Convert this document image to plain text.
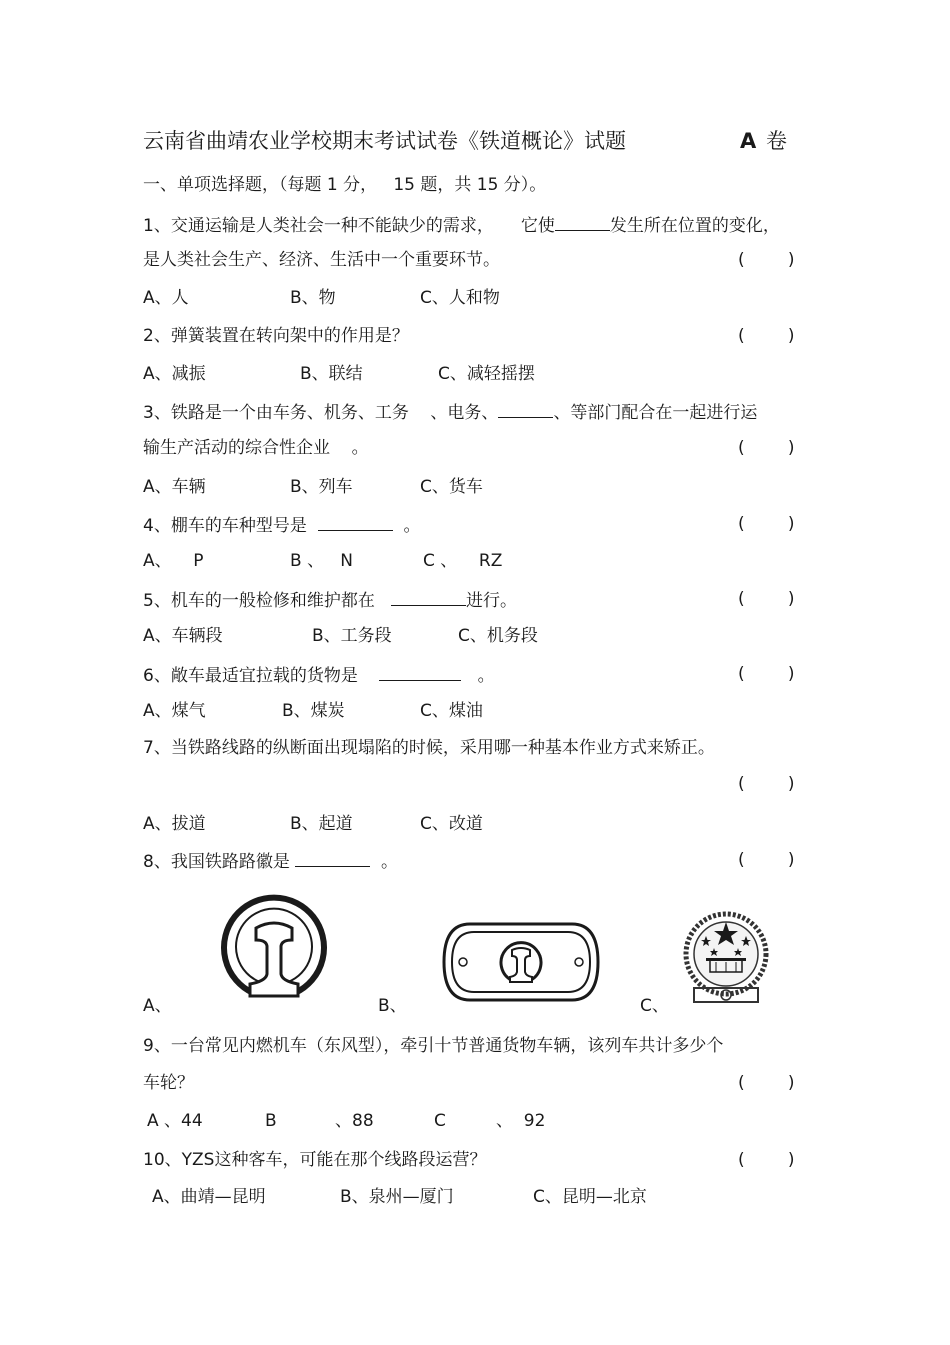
云南省曲靖农业学校期末考试试卷《铁道概论》试题	A 卷
一、单项选择题，（每题 1 分，   15 题，共 15 分）。
1、交通运输是人类社会一种不能缺少的需求，     它使	发生所在位置的变化，
是人类社会生产、经济、生活中一个重要环节。	(        )
A、人	B、物	C、人和物
2、弹簧装置在转向架中的作用是？	(        )
A、减振	B、联结	C、减轻摇摆
3、铁路是一个由车务、机务、工务    、电务、	、等部门配合在一起进行运
输生产活动的综合性企业    。	(        )
A、车辆	B、列车	C、货车
4、棚车的车种型号是	。	(        )
A、    P	B 、   N	C 、    RZ
5、机车的一般检修和维护都在	进行。	(        )
A、车辆段	B、工务段	C、机务段
6、敞车最适宜拉载的货物是	。	(        )
A、煤气	B、煤炭	C、煤油
7、当铁路线路的纵断面出现塌陷的时候，采用哪一种基本作业方式来矫正。
(        )
A、拔道	B、起道	C、改道
8、我国铁路路徽是	。	(        )
A、	B、	C、
9、一台常见内燃机车（东风型），牵引十节普通货物车辆，该列车共计多少个
车轮？	(        )
A 、44	B	、88	C	、  92
10、YZS这种客车，可能在那个线路段运营？	(        )
A、曲靖—昆明	B、泉州—厦门	C、昆明—北京
